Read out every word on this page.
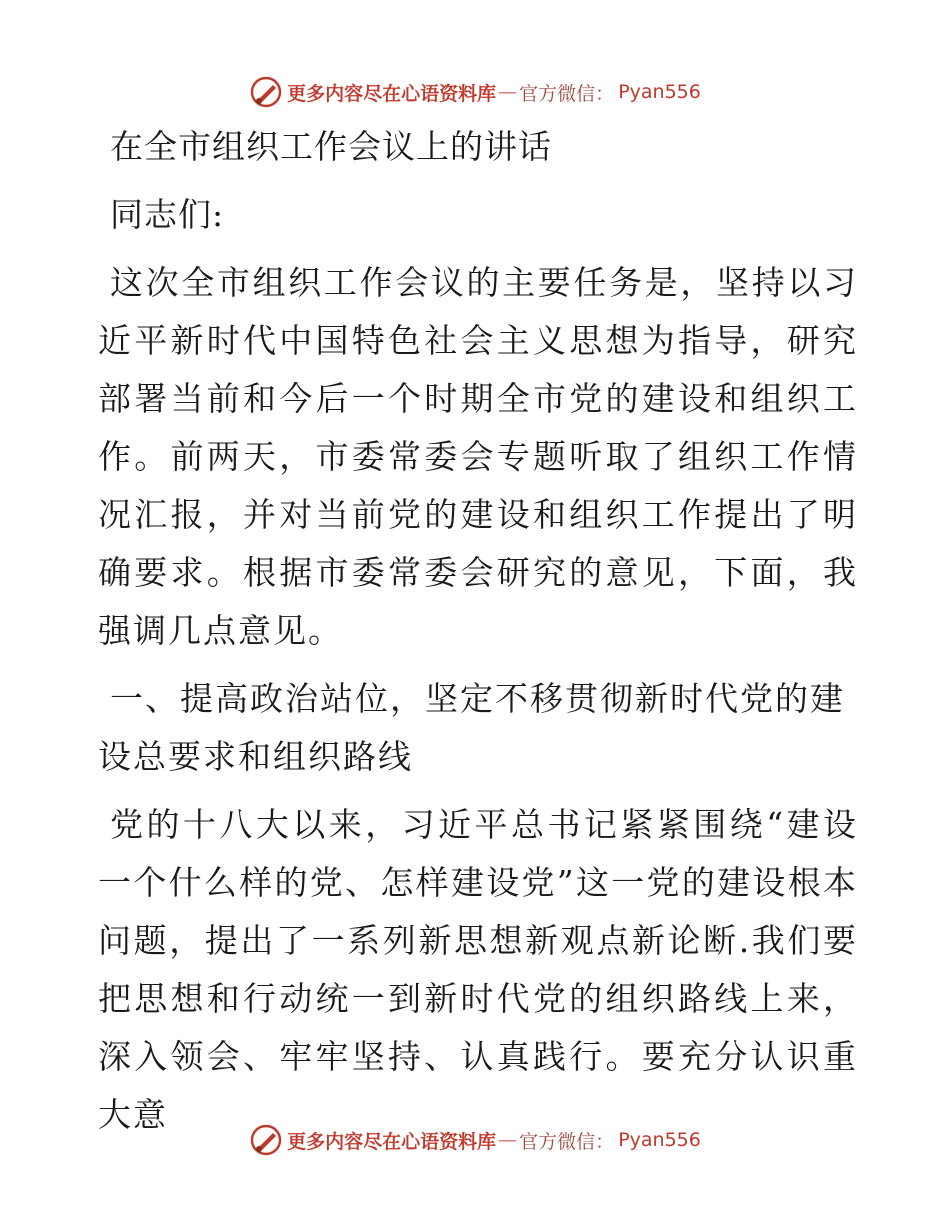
更多内容尽在心语资料库 — 官方微信： Pyan556
在全市组织工作会议上的讲话

同志们:

这次全市组织工作会议的主要任务是，坚持以习近平新时代中国特色社会主义思想为指导，研究部署当前和今后一个时期全市党的建设和组织工作。前两天，市委常委会专题听取了组织工作情况汇报，并对当前党的建设和组织工作提出了明确要求。根据市委常委会研究的意见，下面，我强调几点意见。

一、提高政治站位，坚定不移贯彻新时代党的建设总要求和组织路线

党的十八大以来，习近平总书记紧紧围绕“建设一个什么样的党、怎样建设党”这一党的建设根本问题，提出了一系列新思想新观点新论断.我们要把思想和行动统一到新时代党的组织路线上来，深入领会、牢牢坚持、认真践行。要充分认识重大意

更多内容尽在心语资料库 — 官方微信： Pyan556
